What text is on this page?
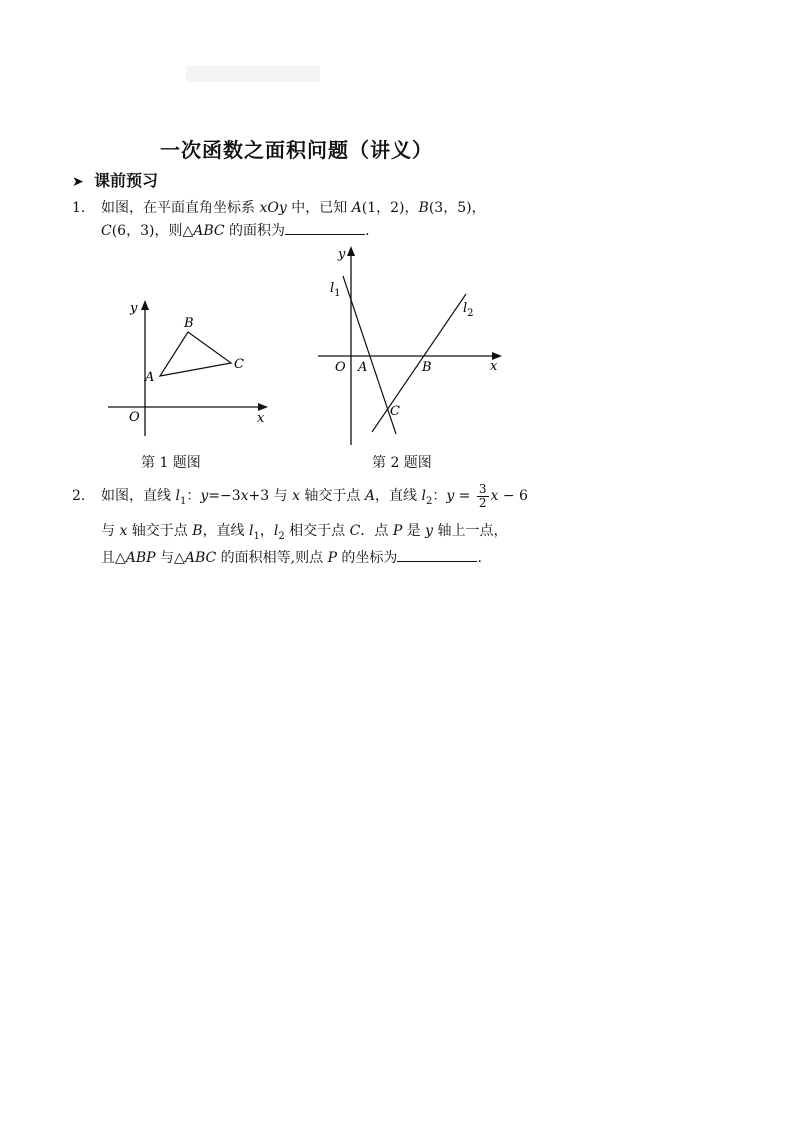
一次函数之面积问题（讲义）
➤ 课前预习
1. 如图，在平面直角坐标系 xOy 中，已知 A(1，2)，B(3，5)，
C(6，3)，则△ABC 的面积为	.
y
x
O
A
B
C
第 1 题图
y
x
O A	B
C
$l_1$
$l_2$
第 2 题图
2. 如图，直线 $l_1$：y=−3x+3 与 x 轴交于点 A，直线 $l_2$：$y = \frac{3}{2}$ x − 6
与 x 轴交于点 B，直线 $l_1$，$l_2$ 相交于点 C．点 P 是 y 轴上一点，
且△ABP 与△ABC 的面积相等,则点 P 的坐标为	.
